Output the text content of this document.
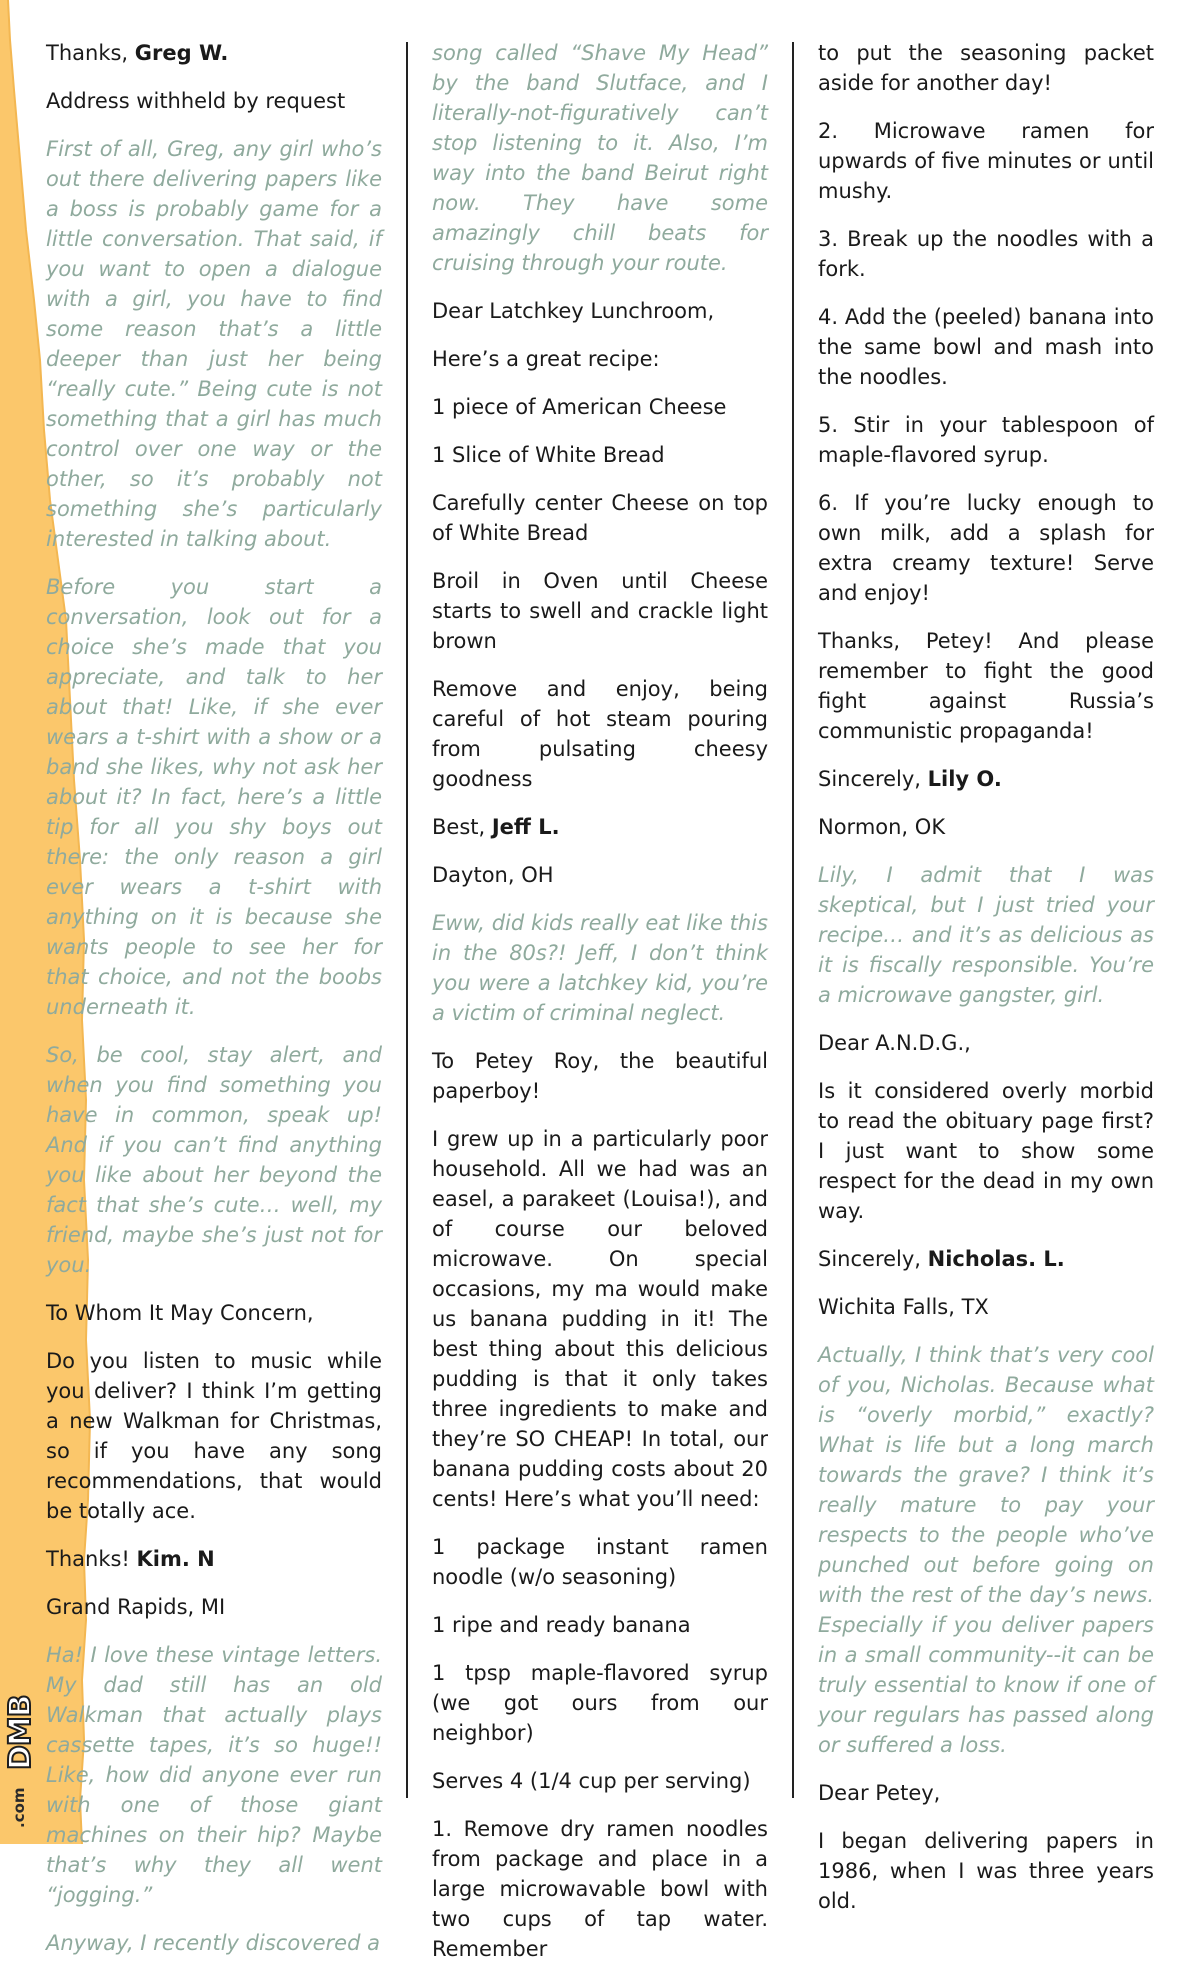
DMB
.com

Thanks, Greg W.

Address withheld by request

First of all, Greg, any girl who’s out there delivering papers like a boss is probably game for a little conversation. That said, if you want to open a dialogue with a girl, you have to find some reason that’s a little deeper than just her being “really cute.” Being cute is not something that a girl has much control over one way or the other, so it’s probably not something she’s particularly interested in talking about.

Before you start a conversation, look out for a choice she’s made that you appreciate, and talk to her about that! Like, if she ever wears a t-shirt with a show or a band she likes, why not ask her about it? In fact, here’s a little tip for all you shy boys out there: the only reason a girl ever wears a t-shirt with anything on it is because she wants people to see her for that choice, and not the boobs underneath it.

So, be cool, stay alert, and when you find something you have in common, speak up! And if you can’t find anything you like about her beyond the fact that she’s cute… well, my friend, maybe she’s just not for you.

To Whom It May Concern,

Do you listen to music while you deliver? I think I’m getting a new Walkman for Christmas, so if you have any song recommendations, that would be totally ace.

Thanks! Kim. N

Grand Rapids, MI

Ha! I love these vintage letters. My dad still has an old Walkman that actually plays cassette tapes, it’s so huge!! Like, how did anyone ever run with one of those giant machines on their hip? Maybe that’s why they all went “jogging.”

Anyway, I recently discovered a

song called “Shave My Head” by the band Slutface, and I literally-not-figuratively can’t stop listening to it. Also, I’m way into the band Beirut right now. They have some amazingly chill beats for cruising through your route.

Dear Latchkey Lunchroom,

Here’s a great recipe:

1 piece of American Cheese

1 Slice of White Bread

Carefully center Cheese on top of White Bread

Broil in Oven until Cheese starts to swell and crackle light brown

Remove and enjoy, being careful of hot steam pouring from pulsating cheesy goodness

Best, Jeff L.

Dayton, OH

Eww, did kids really eat like this in the 80s?! Jeff, I don’t think you were a latchkey kid, you’re a victim of criminal neglect.

To Petey Roy, the beautiful paperboy!

I grew up in a particularly poor household. All we had was an easel, a parakeet (Louisa!), and of course our beloved microwave. On special occasions, my ma would make us banana pudding in it! The best thing about this delicious pudding is that it only takes three ingredients to make and they’re SO CHEAP! In total, our banana pudding costs about 20 cents! Here’s what you’ll need:

1 package instant ramen noodle (w/o seasoning)

1 ripe and ready banana

1 tpsp maple-flavored syrup (we got ours from our neighbor)

Serves 4 (1/4 cup per serving)

1. Remove dry ramen noodles from package and place in a large microwavable bowl with two cups of tap water. Remember

to put the seasoning packet aside for another day!

2. Microwave ramen for upwards of five minutes or until mushy.

3. Break up the noodles with a fork.

4. Add the (peeled) banana into the same bowl and mash into the noodles.

5. Stir in your tablespoon of maple-flavored syrup.

6. If you’re lucky enough to own milk, add a splash for extra creamy texture! Serve and enjoy!

Thanks, Petey! And please remember to fight the good fight against Russia’s communistic propaganda!

Sincerely, Lily O.

Normon, OK

Lily, I admit that I was skeptical, but I just tried your recipe… and it’s as delicious as it is fiscally responsible. You’re a microwave gangster, girl.

Dear A.N.D.G.,

Is it considered overly morbid to read the obituary page first? I just want to show some respect for the dead in my own way.

Sincerely, Nicholas. L.

Wichita Falls, TX

Actually, I think that’s very cool of you, Nicholas. Because what is “overly morbid,” exactly? What is life but a long march towards the grave? I think it’s really mature to pay your respects to the people who’ve punched out before going on with the rest of the day’s news. Especially if you deliver papers in a small community--it can be truly essential to know if one of your regulars has passed along or suffered a loss.

Dear Petey,

I began delivering papers in 1986, when I was three years old.
